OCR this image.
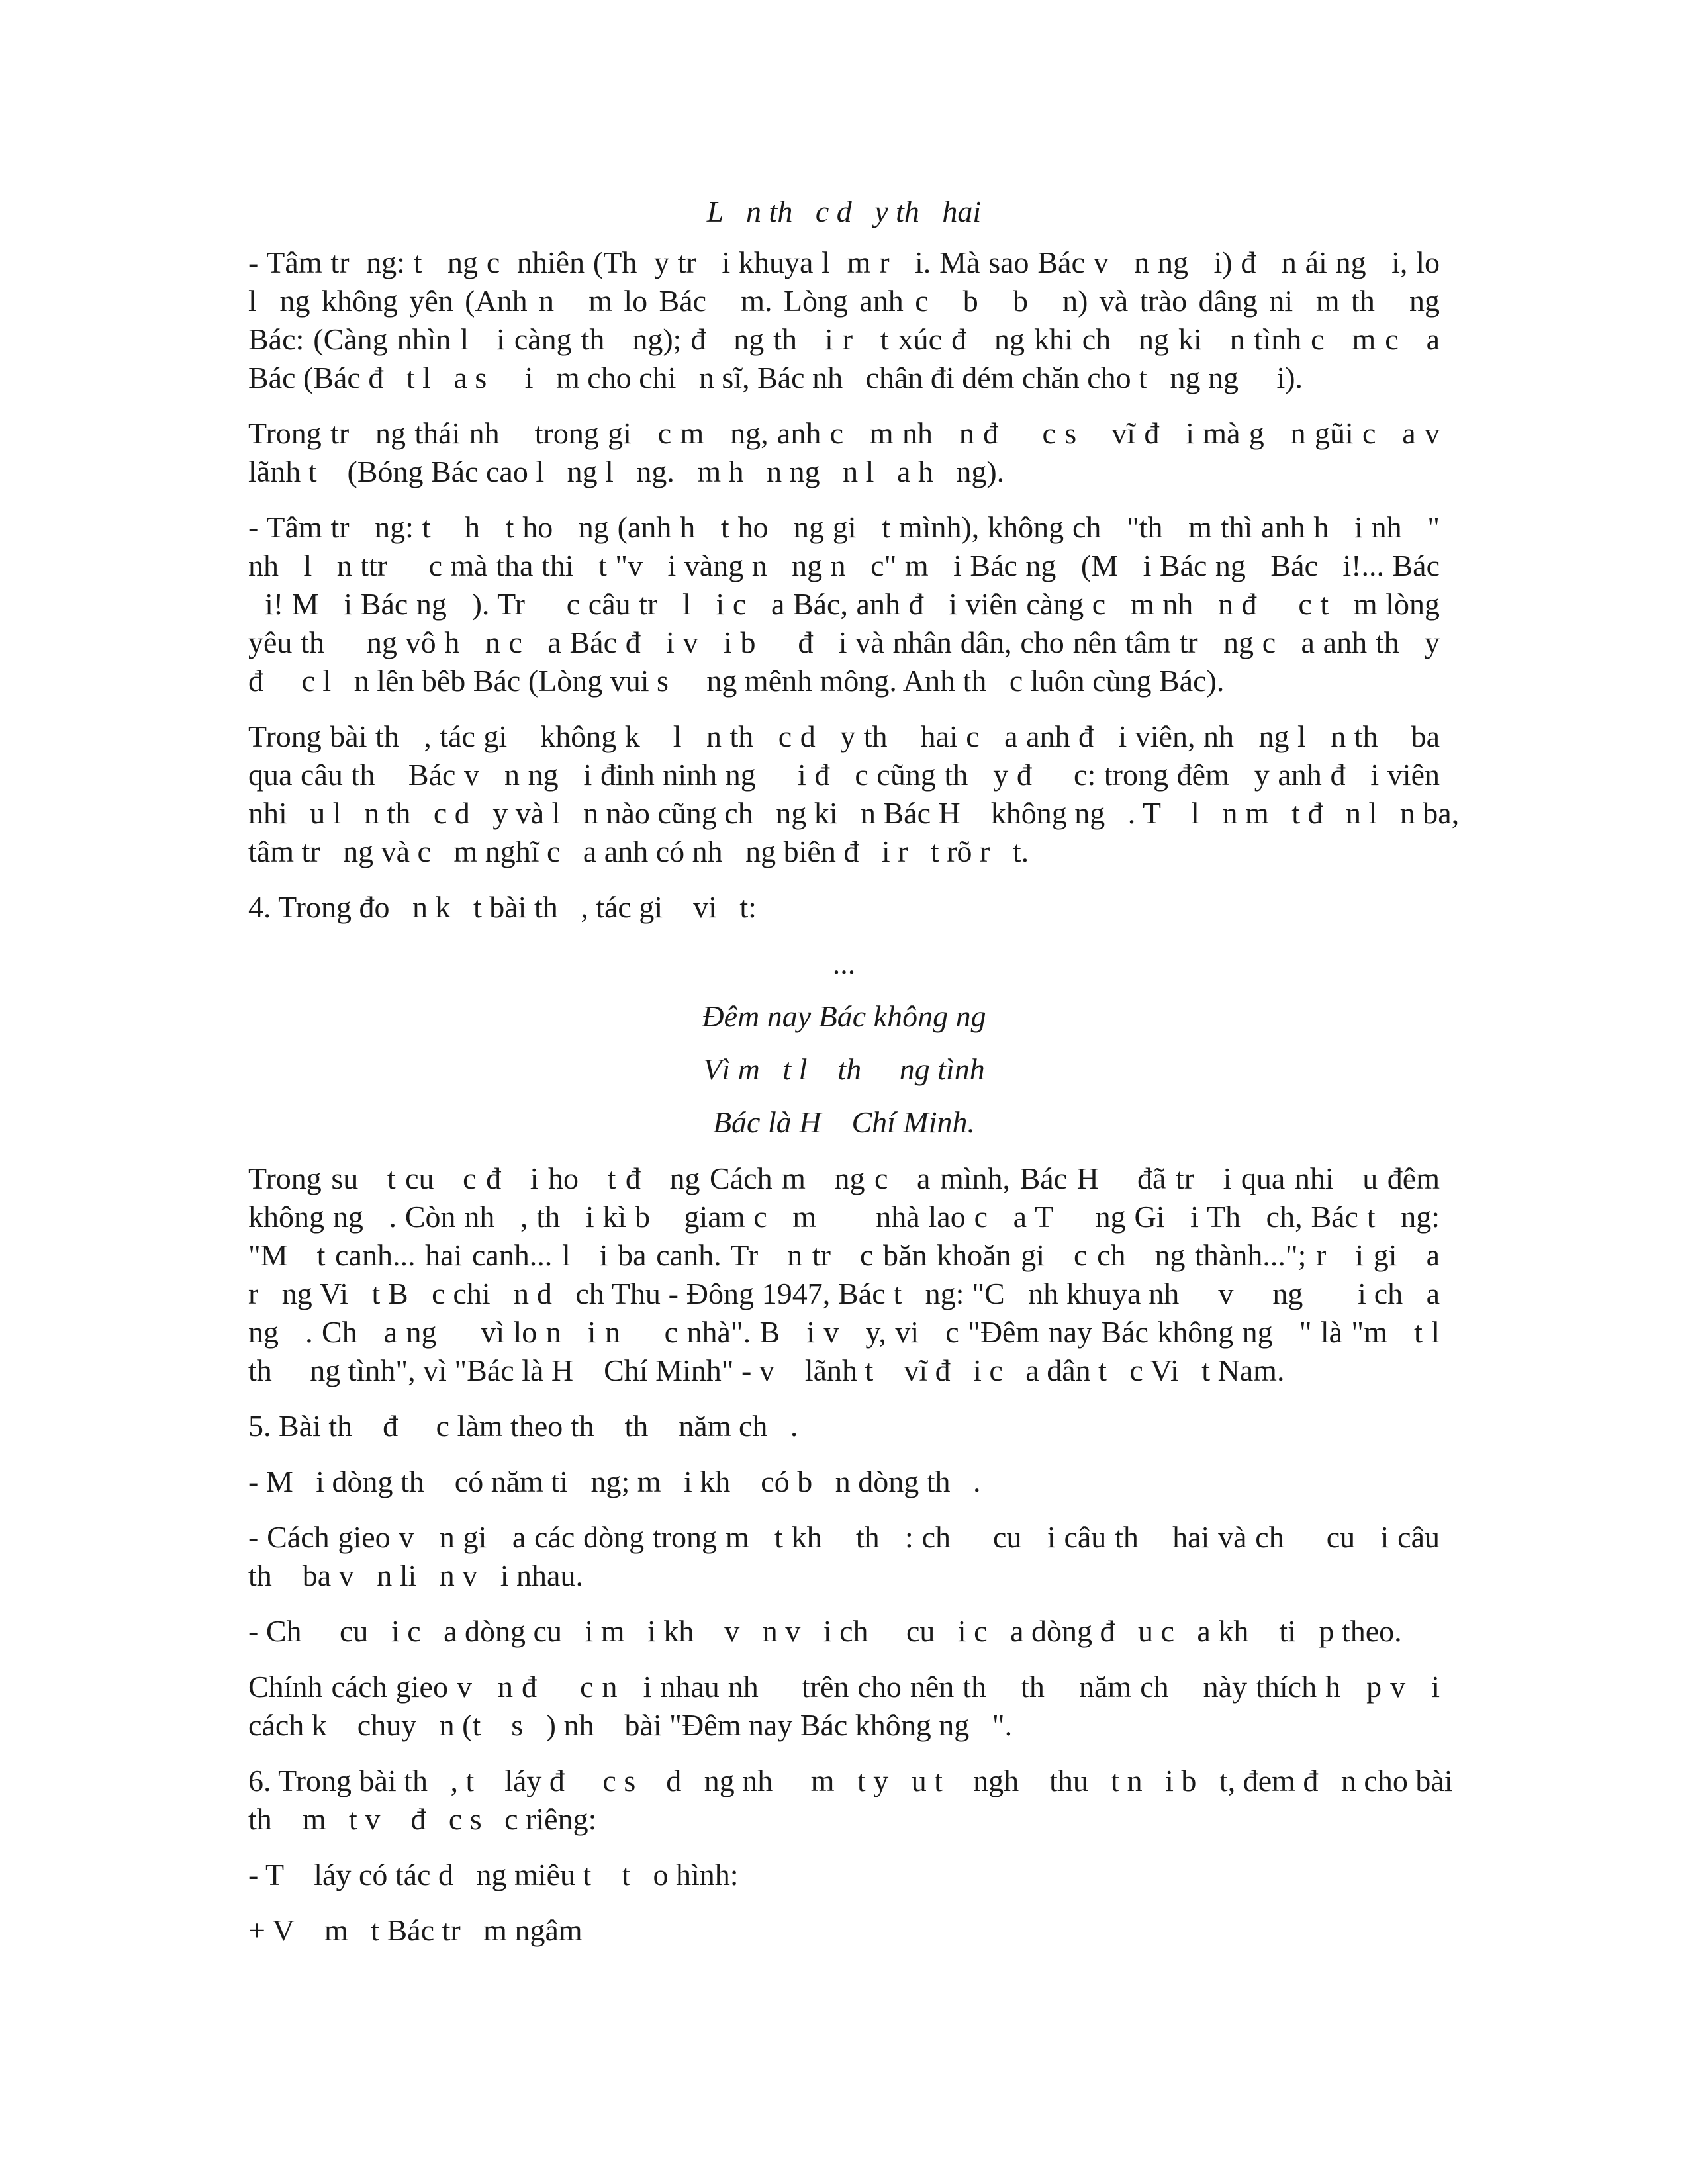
L   n th   c d   y th   hai
- Tâm tr  ng: t   ng c  nhiên (Th  y tr   i khuya l  m r   i. Mà sao Bác v   n ng   i) đ   n ái ng   i, lo
l  ng không yên (Anh n   m lo Bác   m. Lòng anh c   b   b   n) và trào dâng ni  m th   ng
Bác: (Càng nhìn l   i càng th   ng); đ   ng th   i r   t xúc đ   ng khi ch   ng ki   n tình c   m c   a
Bác (Bác đ   t l   a s     i   m cho chi   n sĩ, Bác nh   chân đi dém chăn cho t   ng ng     i).
Trong tr   ng thái nh    trong gi   c m   ng, anh c   m nh   n đ     c s    vĩ đ   i mà g   n gũi c   a v
lãnh t    (Bóng Bác cao l   ng l   ng.   m h   n ng   n l   a h   ng).
- Tâm tr   ng: t    h   t ho   ng (anh h   t ho   ng gi   t mình), không ch   "th   m thì anh h   i nh   "
nh   l   n ttr     c mà tha thi   t "v   i vàng n   ng n   c" m   i Bác ng   (M   i Bác ng   Bác   i!... Bác
i! M   i Bác ng   ). Tr     c câu tr   l   i c   a Bác, anh đ   i viên càng c   m nh   n đ     c t   m lòng
yêu th     ng vô h   n c   a Bác đ   i v   i b     đ   i và nhân dân, cho nên tâm tr   ng c   a anh th   y
đ     c l   n lên bêb Bác (Lòng vui s     ng mênh mông. Anh th   c luôn cùng Bác).
Trong bài th   , tác gi    không k    l   n th   c d   y th    hai c   a anh đ   i viên, nh   ng l   n th    ba
qua câu th    Bác v   n ng   i đinh ninh ng     i đ   c cũng th   y đ     c: trong đêm   y anh đ   i viên
nhi   u l   n th   c d   y và l   n nào cũng ch   ng ki   n Bác H    không ng   . T    l   n m   t đ   n l   n ba,
tâm tr   ng và c   m nghĩ c   a anh có nh   ng biên đ   i r   t rõ r   t.
4. Trong đo   n k   t bài th   , tác gi    vi   t:
...
Đêm nay Bác không ng
Vì m   t l    th     ng tình
Bác là H    Chí Minh.
Trong su   t cu   c đ   i ho   t đ   ng Cách m   ng c   a mình, Bác H    đã tr   i qua nhi   u đêm
không ng   . Còn nh   , th   i kì b    giam c   m       nhà lao c   a T     ng Gi   i Th   ch, Bác t   ng:
"M   t canh... hai canh... l   i ba canh. Tr   n tr   c băn khoăn gi   c ch   ng thành..."; r   i gi   a
r   ng Vi   t B   c chi   n d   ch Thu - Đông 1947, Bác t   ng: "C   nh khuya nh     v     ng       i ch   a
ng   . Ch   a ng     vì lo n   i n     c nhà". B   i v   y, vi   c "Đêm nay Bác không ng   " là "m   t l
th     ng tình", vì "Bác là H    Chí Minh" - v    lãnh t    vĩ đ   i c   a dân t   c Vi   t Nam.
5. Bài th    đ     c làm theo th    th    năm ch   .
- M   i dòng th    có năm ti   ng; m   i kh    có b   n dòng th   .
- Cách gieo v   n gi   a các dòng trong m   t kh    th   : ch     cu   i câu th    hai và ch     cu   i câu
th    ba v   n li   n v   i nhau.
- Ch     cu   i c   a dòng cu   i m   i kh    v   n v   i ch     cu   i c   a dòng đ   u c   a kh    ti   p theo.
Chính cách gieo v   n đ     c n   i nhau nh     trên cho nên th    th    năm ch    này thích h   p v   i
cách k    chuy   n (t    s   ) nh    bài "Đêm nay Bác không ng   ".
6. Trong bài th   , t    láy đ     c s    d   ng nh     m   t y   u t    ngh    thu   t n   i b   t, đem đ   n cho bài
th    m   t v    đ   c s   c riêng:
- T    láy có tác d   ng miêu t    t   o hình:
+ V    m   t Bác tr   m ngâm
